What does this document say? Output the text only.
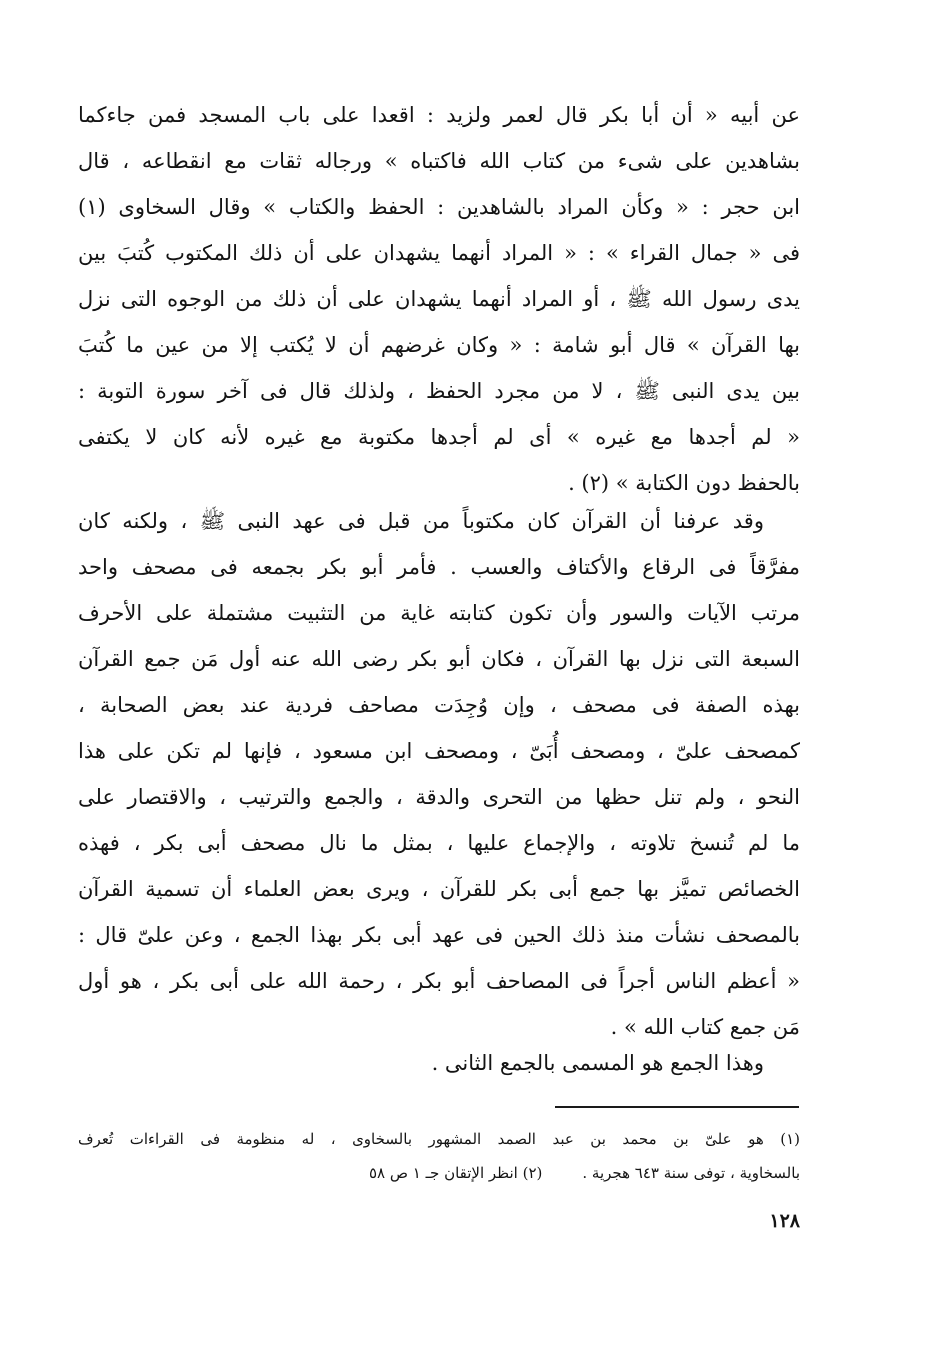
عن أبيه « أن أبا بكر قال لعمر ولزيد : اقعدا على باب المسجد فمن جاءكما
بشاهدين على شىء من كتاب الله فاكتباه » ورجاله ثقات مع انقطاعه ، قال
ابن حجر : « وكأن المراد بالشاهدين : الحفظ والكتاب » وقال السخاوى (١)
فى « جمال القراء » : « المراد أنهما يشهدان على أن ذلك المكتوب كُتبَ بين
يدى رسول الله ﷺ ، أو المراد أنهما يشهدان على أن ذلك من الوجوه التى نزل
بها القرآن » قال أبو شامة : « وكان غرضهم أن لا يُكتب إلا من عين ما كُتبَ
بين يدى النبى ﷺ ، لا من مجرد الحفظ ، ولذلك قال فى آخر سورة التوبة :
« لم أجدها مع غيره » أى لم أجدها مكتوبة مع غيره لأنه كان لا يكتفى
بالحفظ دون الكتابة » (٢) .
وقد عرفنا أن القرآن كان مكتوباً من قبل فى عهد النبى ﷺ ، ولكنه كان
مفرَّقاً فى الرقاع والأكتاف والعسب . فأمر أبو بكر بجمعه فى مصحف واحد
مرتب الآيات والسور وأن تكون كتابته غاية من التثبيت مشتملة على الأحرف
السبعة التى نزل بها القرآن ، فكان أبو بكر رضى الله عنه أول مَن جمع القرآن
بهذه الصفة فى مصحف ، وإن وُجِدَت مصاحف فردية عند بعض الصحابة ،
كمصحف علىّ ، ومصحف أُبَىّ ، ومصحف ابن مسعود ، فإنها لم تكن على هذا
النحو ، ولم تنل حظها من التحرى والدقة ، والجمع والترتيب ، والاقتصار على
ما لم تُنسخ تلاوته ، والإجماع عليها ، بمثل ما نال مصحف أبى بكر ، فهذه
الخصائص تميَّز بها جمع أبى بكر للقرآن ، ويرى بعض العلماء أن تسمية القرآن
بالمصحف نشأت منذ ذلك الحين فى عهد أبى بكر بهذا الجمع ، وعن علىّ قال :
« أعظم الناس أجراً فى المصاحف أبو بكر ، رحمة الله على أبى بكر ، هو أول
مَن جمع كتاب الله » .
وهذا الجمع هو المسمى بالجمع الثانى .
(١) هو علىّ بن محمد بن عبد الصمد المشهور بالسخاوى ، له منظومة فى القراءات تُعرف
بالسخاوية ، توفى سنة ٦٤٣ هجرية .(٢) انظر الإتقان جـ ١ ص ٥٨
١٢٨
